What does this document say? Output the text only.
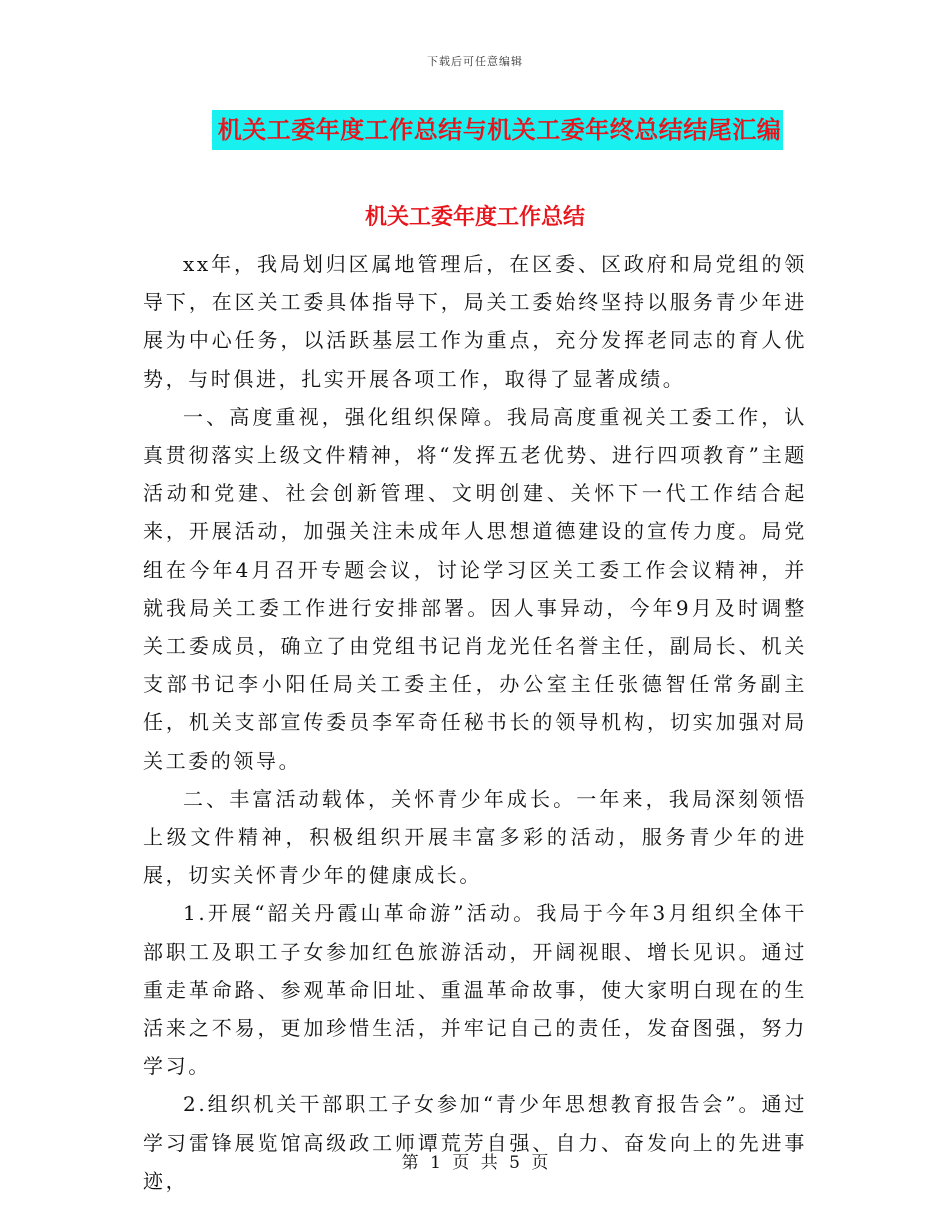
下载后可任意编辑
机关工委年度工作总结与机关工委年终总结结尾汇编
机关工委年度工作总结

xx年，我局划归区属地管理后，在区委、区政府和局党组的领导下，在区关工委具体指导下，局关工委始终坚持以服务青少年进展为中心任务，以活跃基层工作为重点，充分发挥老同志的育人优势，与时俱进，扎实开展各项工作，取得了显著成绩。

一、高度重视，强化组织保障。我局高度重视关工委工作，认真贯彻落实上级文件精神，将“发挥五老优势、进行四项教育”主题活动和党建、社会创新管理、文明创建、关怀下一代工作结合起来，开展活动，加强关注未成年人思想道德建设的宣传力度。局党组在今年4月召开专题会议，讨论学习区关工委工作会议精神，并就我局关工委工作进行安排部署。因人事异动，今年9月及时调整关工委成员，确立了由党组书记肖龙光任名誉主任，副局长、机关支部书记李小阳任局关工委主任，办公室主任张德智任常务副主任，机关支部宣传委员李军奇任秘书长的领导机构，切实加强对局关工委的领导。

二、丰富活动载体，关怀青少年成长。一年来，我局深刻领悟上级文件精神，积极组织开展丰富多彩的活动，服务青少年的进展，切实关怀青少年的健康成长。

1.开展“韶关丹霞山革命游”活动。我局于今年3月组织全体干部职工及职工子女参加红色旅游活动，开阔视眼、增长见识。通过重走革命路、参观革命旧址、重温革命故事，使大家明白现在的生活来之不易，更加珍惜生活，并牢记自己的责任，发奋图强，努力学习。

2.组织机关干部职工子女参加“青少年思想教育报告会”。通过学习雷锋展览馆高级政工师谭荒芳自强、自力、奋发向上的先进事迹，

第 1 页 共 5 页
